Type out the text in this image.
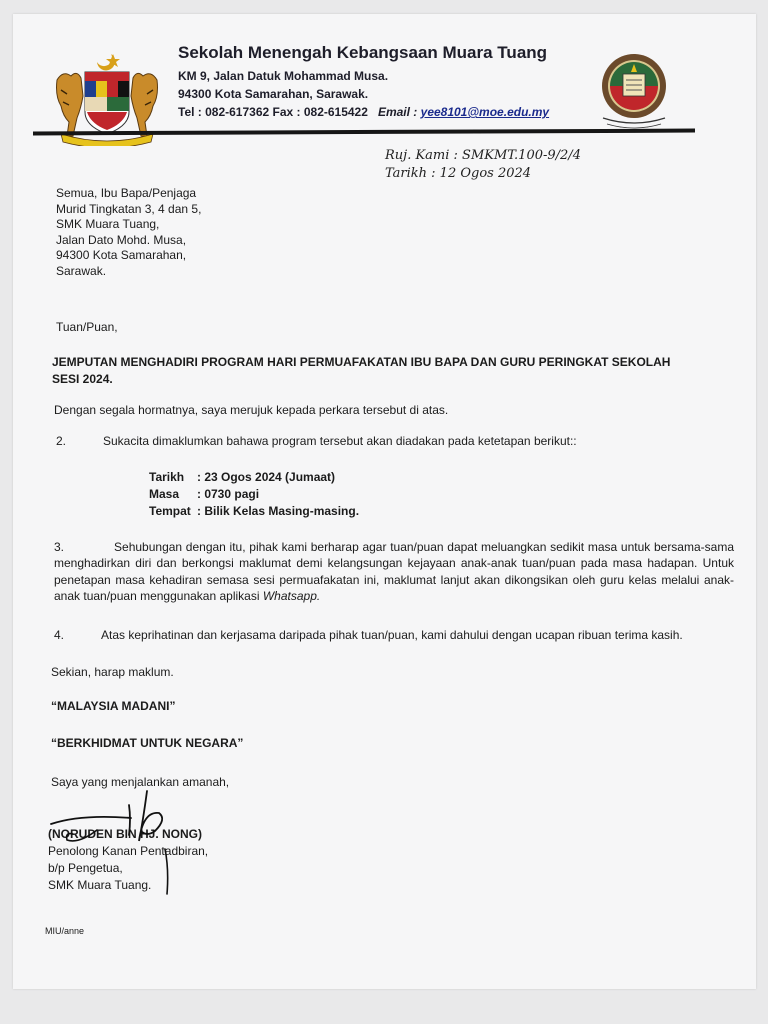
Sekolah Menengah Kebangsaan Muara Tuang
KM 9, Jalan Datuk Mohammad Musa.
94300 Kota Samarahan, Sarawak.
Tel : 082-617362 Fax : 082-615422 Email : yee8101@moe.edu.my
Ruj. Kami : SMKMT.100-9/2/4
Tarikh : 12 Ogos 2024
Semua, Ibu Bapa/Penjaga
Murid Tingkatan 3, 4 dan 5,
SMK Muara Tuang,
Jalan Dato Mohd. Musa,
94300 Kota Samarahan,
Sarawak.
Tuan/Puan,
JEMPUTAN MENGHADIRI PROGRAM HARI PERMUAFAKATAN IBU BAPA DAN GURU PERINGKAT SEKOLAH SESI 2024.
Dengan segala hormatnya, saya merujuk kepada perkara tersebut di atas.
2.	Sukacita dimaklumkan bahawa program tersebut akan diadakan pada ketetapan berikut::
Tarikh	: 23 Ogos 2024 (Jumaat)
Masa	: 0730 pagi
Tempat	: Bilik Kelas Masing-masing.
3.	Sehubungan dengan itu, pihak kami berharap agar tuan/puan dapat meluangkan sedikit masa untuk bersama-sama menghadirkan diri dan berkongsi maklumat demi kelangsungan kejayaan anak-anak tuan/puan pada masa hadapan. Untuk penetapan masa kehadiran semasa sesi permuafakatan ini, maklumat lanjut akan dikongsikan oleh guru kelas melalui anak-anak tuan/puan menggunakan aplikasi Whatsapp.
4.	Atas keprihatinan dan kerjasama daripada pihak tuan/puan, kami dahului dengan ucapan ribuan terima kasih.
Sekian, harap maklum.
“MALAYSIA MADANI”
“BERKHIDMAT UNTUK NEGARA”
Saya yang menjalankan amanah,
(NORUDEN BIN HJ. NONG)
Penolong Kanan Pentadbiran,
b/p Pengetua,
SMK Muara Tuang.
MIU/anne
